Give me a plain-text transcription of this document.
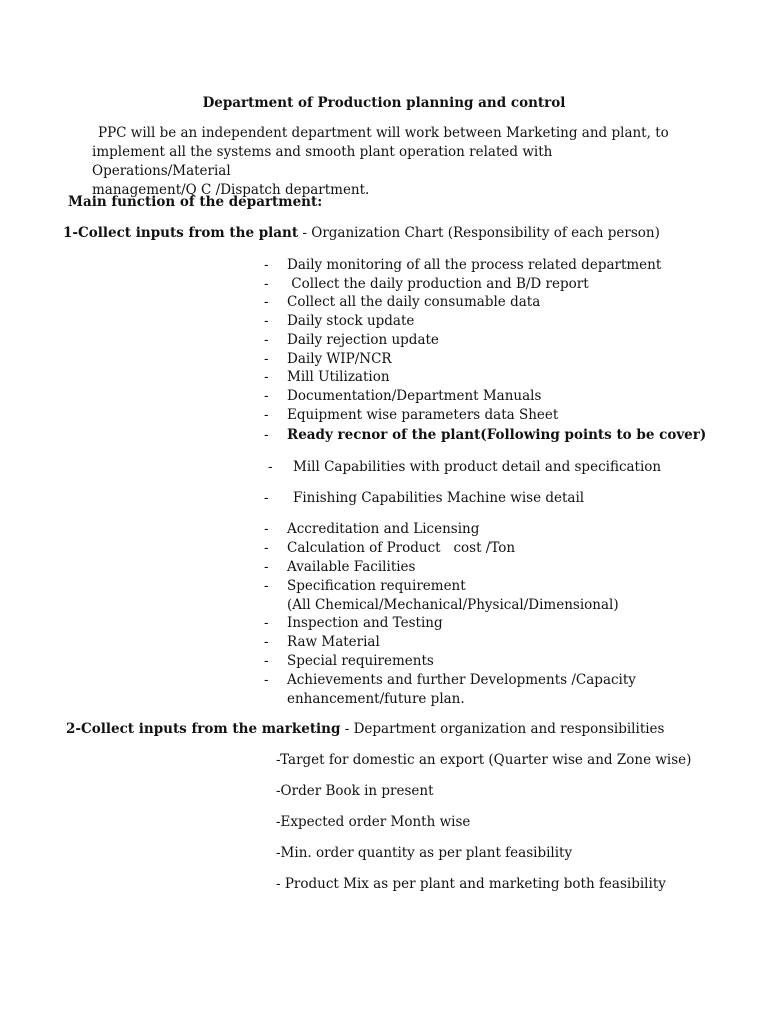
Department of Production planning and control
PPC will be an independent department will work between Marketing and plant, to
implement all the systems and smooth plant operation related with Operations/Material
management/Q C /Dispatch department.
Main function of the department:
1-Collect inputs from the plant - Organization Chart (Responsibility of each person)
- Daily monitoring of all the process related department
- Collect the daily production and B/D report
- Collect all the daily consumable data
- Daily stock update
- Daily rejection update
- Daily WIP/NCR
- Mill Utilization
- Documentation/Department Manuals
- Equipment wise parameters data Sheet
- Ready recnor of the plant(Following points to be cover)
- Mill Capabilities with product detail and specification
- Finishing Capabilities Machine wise detail
- Accreditation and Licensing
- Calculation of Product   cost /Ton
- Available Facilities
- Specification requirement
(All Chemical/Mechanical/Physical/Dimensional)
- Inspection and Testing
- Raw Material
- Special requirements
- Achievements and further Developments /Capacity
enhancement/future plan.
2-Collect inputs from the marketing - Department organization and responsibilities
-Target for domestic an export (Quarter wise and Zone wise)
-Order Book in present
-Expected order Month wise
-Min. order quantity as per plant feasibility
- Product Mix as per plant and marketing both feasibility
